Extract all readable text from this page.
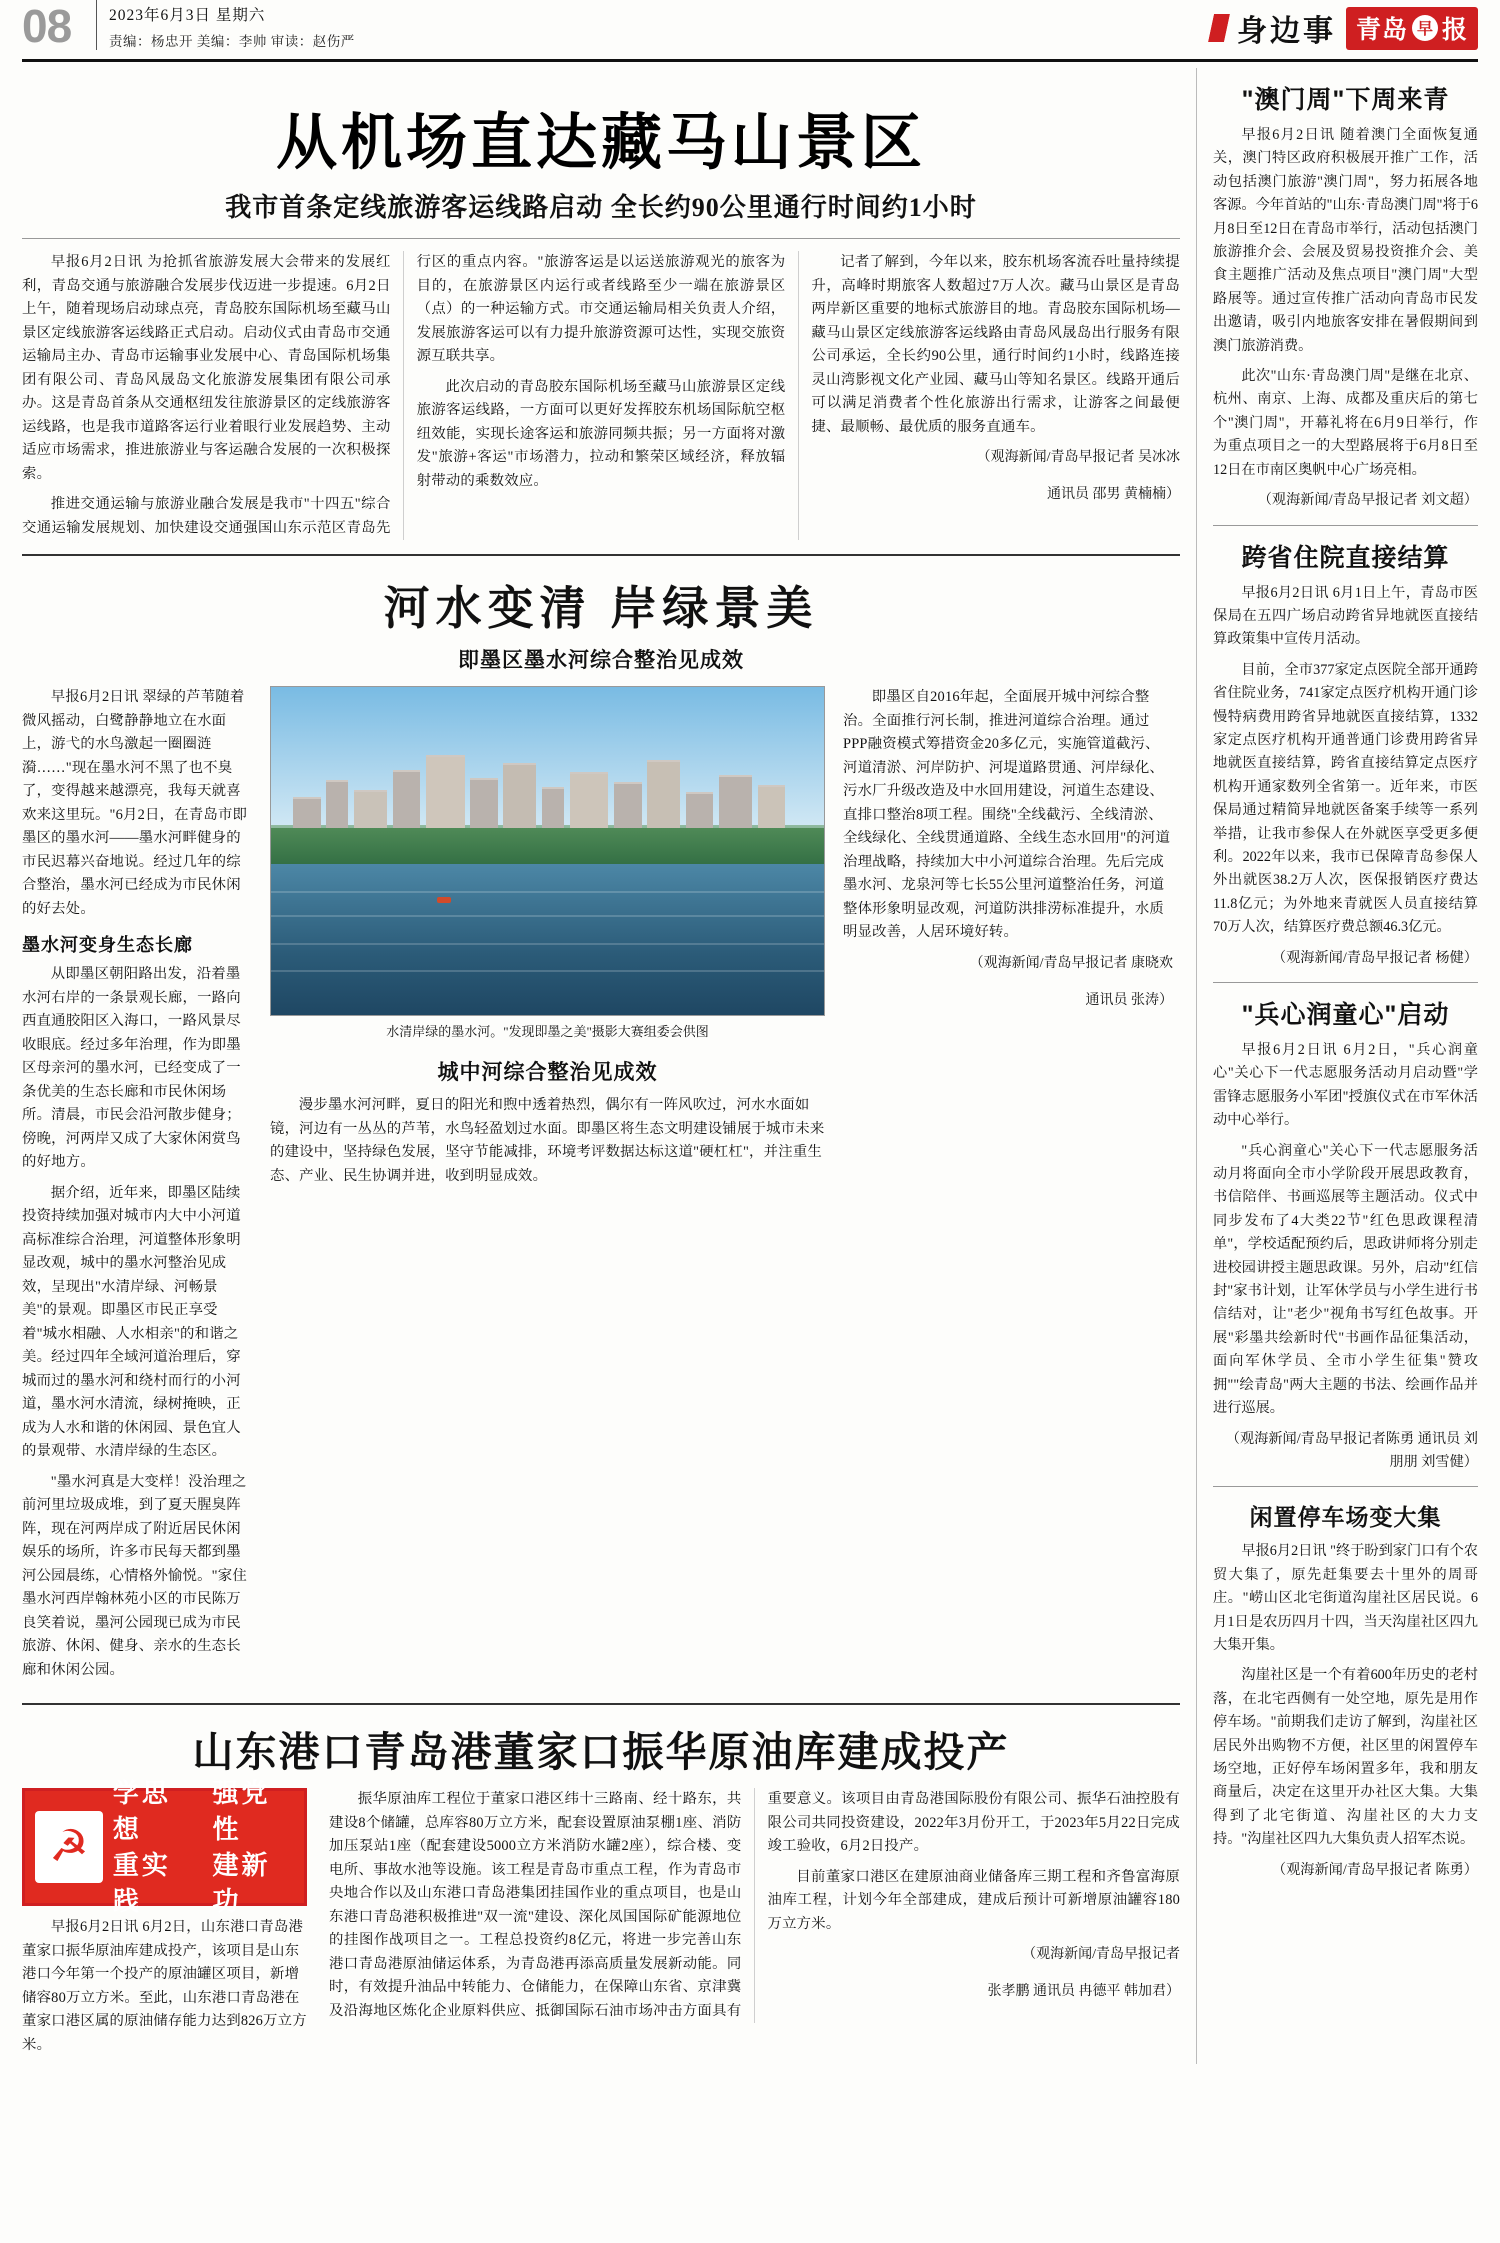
08	2023年6月3日 星期六
责编：杨忠开 美编：李帅 审读：赵伤严	身边事 青岛 早 报
从机场直达藏马山景区
我市首条定线旅游客运线路启动 全长约90公里通行时间约1小时

早报6月2日讯 为抢抓省旅游发展大会带来的发展红利，青岛交通与旅游融合发展步伐迈进一步提速。6月2日上午，随着现场启动球点亮，青岛胶东国际机场至藏马山景区定线旅游客运线路正式启动。启动仪式由青岛市交通运输局主办、青岛市运输事业发展中心、青岛国际机场集团有限公司、青岛风晟岛文化旅游发展集团有限公司承办。这是青岛首条从交通枢纽发往旅游景区的定线旅游客运线路，也是我市道路客运行业着眼行业发展趋势、主动适应市场需求，推进旅游业与客运融合发展的一次积极探索。

推进交通运输与旅游业融合发展是我市"十四五"综合交通运输发展规划、加快建设交通强国山东示范区青岛先行区的重点内容。"旅游客运是以运送旅游观光的旅客为目的，在旅游景区内运行或者线路至少一端在旅游景区（点）的一种运输方式。市交通运输局相关负责人介绍，发展旅游客运可以有力提升旅游资源可达性，实现交旅资源互联共享。

此次启动的青岛胶东国际机场至藏马山旅游景区定线旅游客运线路，一方面可以更好发挥胶东机场国际航空枢纽效能，实现长途客运和旅游同频共振；另一方面将对激发"旅游+客运"市场潜力，拉动和繁荣区域经济，释放辐射带动的乘数效应。

记者了解到，今年以来，胶东机场客流吞吐量持续提升，高峰时期旅客人数超过7万人次。藏马山景区是青岛两岸新区重要的地标式旅游目的地。青岛胶东国际机场—藏马山景区定线旅游客运线路由青岛风晟岛出行服务有限公司承运，全长约90公里，通行时间约1小时，线路连接灵山湾影视文化产业园、藏马山等知名景区。线路开通后可以满足消费者个性化旅游出行需求，让游客之间最便捷、最顺畅、最优质的服务直通车。

（观海新闻/青岛早报记者 吴冰冰

通讯员 邵男 黄楠楠）

河水变清 岸绿景美
即墨区墨水河综合整治见成效

早报6月2日讯 翠绿的芦苇随着微风摇动，白鹭静静地立在水面上，游弋的水鸟激起一圈圈涟漪……"现在墨水河不黑了也不臭了，变得越来越漂亮，我每天就喜欢来这里玩。"6月2日，在青岛市即墨区的墨水河——墨水河畔健身的市民迟幕兴奋地说。经过几年的综合整治，墨水河已经成为市民休闲的好去处。

墨水河变身生态长廊

从即墨区朝阳路出发，沿着墨水河右岸的一条景观长廊，一路向西直通胶阳区入海口，一路风景尽收眼底。经过多年治理，作为即墨区母亲河的墨水河，已经变成了一条优美的生态长廊和市民休闲场所。清晨，市民会沿河散步健身；傍晚，河两岸又成了大家休闲赏鸟的好地方。

据介绍，近年来，即墨区陆续投资持续加强对城市内大中小河道高标准综合治理，河道整体形象明显改观，城中的墨水河整治见成效，呈现出"水清岸绿、河畅景美"的景观。即墨区市民正享受着"城水相融、人水相亲"的和谐之美。经过四年全域河道治理后，穿城而过的墨水河和绕村而行的小河道，墨水河水清流，绿树掩映，正成为人水和谐的休闲园、景色宜人的景观带、水清岸绿的生态区。

"墨水河真是大变样！没治理之前河里垃圾成堆，到了夏天腥臭阵阵，现在河两岸成了附近居民休闲娱乐的场所，许多市民每天都到墨河公园晨练，心情格外愉悦。"家住墨水河西岸翰林苑小区的市民陈万良笑着说，墨河公园现已成为市民旅游、休闲、健身、亲水的生态长廊和休闲公园。

水清岸绿的墨水河。"发现即墨之美"摄影大赛组委会供图
城中河综合整治见成效

漫步墨水河河畔，夏日的阳光和煦中透着热烈，偶尔有一阵风吹过，河水水面如镜，河边有一丛丛的芦苇，水鸟轻盈划过水面。即墨区将生态文明建设铺展于城市未来的建设中，坚持绿色发展，坚守节能减排，环境考评数据达标这道"硬杠杠"，并注重生态、产业、民生协调并进，收到明显成效。

即墨区自2016年起，全面展开城中河综合整治。全面推行河长制，推进河道综合治理。通过PPP融资模式筹措资金20多亿元，实施管道截污、河道清淤、河岸防护、河堤道路贯通、河岸绿化、污水厂升级改造及中水回用建设，河道生态建设、直排口整治8项工程。围绕"全线截污、全线清淤、全线绿化、全线贯通道路、全线生态水回用"的河道治理战略，持续加大中小河道综合治理。先后完成墨水河、龙泉河等七长55公里河道整治任务，河道整体形象明显改观，河道防洪排涝标准提升，水质明显改善，人居环境好转。

（观海新闻/青岛早报记者 康晓欢

通讯员 张涛）

山东港口青岛港董家口振华原油库建成投产
☭
学思想
强党性
重实践
建新功

早报6月2日讯 6月2日，山东港口青岛港董家口振华原油库建成投产，该项目是山东港口今年第一个投产的原油罐区项目，新增储容80万立方米。至此，山东港口青岛港在董家口港区属的原油储存能力达到826万立方米。

振华原油库工程位于董家口港区纬十三路南、经十路东，共建设8个储罐，总库容80万立方米，配套设置原油泵棚1座、消防加压泵站1座（配套建设5000立方米消防水罐2座），综合楼、变电所、事故水池等设施。该工程是青岛市重点工程，作为青岛市央地合作以及山东港口青岛港集团挂国作业的重点项目，也是山东港口青岛港积极推进"双一流"建设、深化凤国国际矿能源地位的挂图作战项目之一。工程总投资约8亿元，将进一步完善山东港口青岛港原油储运体系，为青岛港再添高质量发展新动能。同时，有效提升油品中转能力、仓储能力，在保障山东省、京津冀及沿海地区炼化企业原料供应、抵御国际石油市场冲击方面具有重要意义。该项目由青岛港国际股份有限公司、振华石油控股有限公司共同投资建设，2022年3月份开工，于2023年5月22日完成竣工验收，6月2日投产。

目前董家口港区在建原油商业储备库三期工程和齐鲁富海原油库工程，计划今年全部建成，建成后预计可新增原油罐容180万立方米。

（观海新闻/青岛早报记者

张孝鹏 通讯员 冉德平 韩加君）

"澳门周"下周来青

早报6月2日讯 随着澳门全面恢复通关，澳门特区政府积极展开推广工作，活动包括澳门旅游"澳门周"，努力拓展各地客源。今年首站的"山东·青岛澳门周"将于6月8日至12日在青岛市举行，活动包括澳门旅游推介会、会展及贸易投资推介会、美食主题推广活动及焦点项目"澳门周"大型路展等。通过宣传推广活动向青岛市民发出邀请，吸引内地旅客安排在暑假期间到澳门旅游消费。

此次"山东·青岛澳门周"是继在北京、杭州、南京、上海、成都及重庆后的第七个"澳门周"，开幕礼将在6月9日举行，作为重点项目之一的大型路展将于6月8日至12日在市南区奥帆中心广场亮相。

（观海新闻/青岛早报记者 刘文超）

跨省住院直接结算

早报6月2日讯 6月1日上午，青岛市医保局在五四广场启动跨省异地就医直接结算政策集中宣传月活动。

目前，全市377家定点医院全部开通跨省住院业务，741家定点医疗机构开通门诊慢特病费用跨省异地就医直接结算，1332家定点医疗机构开通普通门诊费用跨省异地就医直接结算，跨省直接结算定点医疗机构开通家数列全省第一。近年来，市医保局通过精简异地就医备案手续等一系列举措，让我市参保人在外就医享受更多便利。2022年以来，我市已保障青岛参保人外出就医38.2万人次，医保报销医疗费达11.8亿元；为外地来青就医人员直接结算70万人次，结算医疗费总额46.3亿元。

（观海新闻/青岛早报记者 杨健）

"兵心润童心"启动

早报6月2日讯 6月2日，"兵心润童心"关心下一代志愿服务活动月启动暨"学雷锋志愿服务小军团"授旗仪式在市军休活动中心举行。

"兵心润童心"关心下一代志愿服务活动月将面向全市小学阶段开展思政教育，书信陪伴、书画巡展等主题活动。仪式中同步发布了4大类22节"红色思政课程清单"，学校适配预约后，思政讲师将分别走进校园讲授主题思政课。另外，启动"红信封"家书计划，让军休学员与小学生进行书信结对，让"老少"视角书写红色故事。开展"彩墨共绘新时代"书画作品征集活动，面向军休学员、全市小学生征集"赞攻拥""绘青岛"两大主题的书法、绘画作品并进行巡展。

（观海新闻/青岛早报记者陈勇 通讯员 刘朋朋 刘雪健）

闲置停车场变大集

早报6月2日讯 "终于盼到家门口有个农贸大集了，原先赶集要去十里外的周哥庄。"崂山区北宅街道沟崖社区居民说。6月1日是农历四月十四，当天沟崖社区四九大集开集。

沟崖社区是一个有着600年历史的老村落，在北宅西侧有一处空地，原先是用作停车场。"前期我们走访了解到，沟崖社区居民外出购物不方便，社区里的闲置停车场空地，正好停车场闲置多年，我和朋友商量后，决定在这里开办社区大集。大集得到了北宅街道、沟崖社区的大力支持。"沟崖社区四九大集负责人招军杰说。

（观海新闻/青岛早报记者 陈勇）
